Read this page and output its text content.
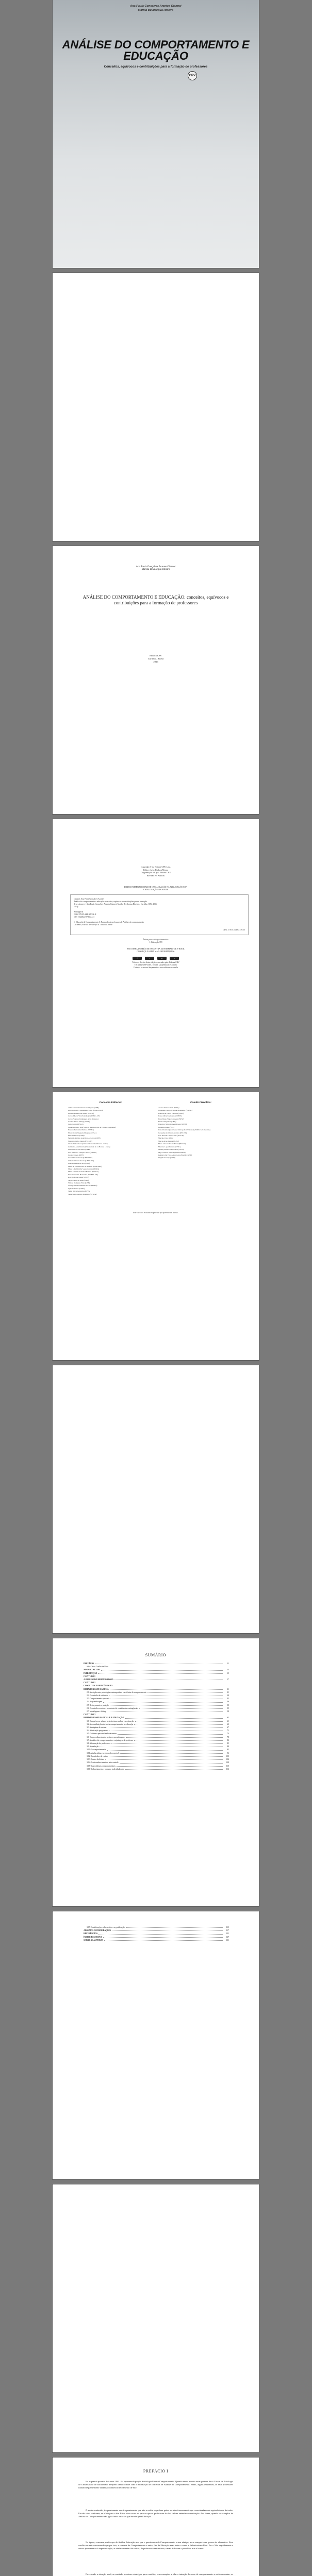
Ana Paula Gonçalves Arantes Giannei
Marília Bevilacqua Ribeiro
ANÁLISE DO COMPORTAMENTO E EDUCAÇÃO
Conceitos, equívocos e contribuições para a formação de professores
CRV
Ana Paula Gonçalves Arantes Giannei
Marília Bevilacqua Ribeiro
ANÁLISE DO COMPORTAMENTO E EDUCAÇÃO: conceitos, equívocos e contribuições para a formação de professores
Editora CRV
Curitiba – Brasil
2016
Copyright © da Editora CRV Ltda.
Editor-chefe: Railson Moura
Diagramação e Capa: Editora CRV
Revisão: As Autoras
DADOS INTERNACIONAIS DE CATALOGAÇÃO NA PUBLICAÇÃO (CIP)
CATALOGAÇÃO NA FONTE
Giannei, Ana Paula Gonçalves Arantes
Análise do comportamento e educação: conceitos, equívocos e contribuições para a formação
de professores / Ana Paula Gonçalves Arantes Giannei, Marília Bevilacqua Ribeiro – Curitiba: CRV, 2016.
132 p.

Bibliografia
ISBN 978-85-444-XXXX-X
DOI 10.24824/978854441

1. Educação 2. Comportamento 3. Formação de professores 4. Análise do comportamento
I. Ribeiro, Marília Bevilacqua II. Título III. Série

CDU 37.015.3 CDD 370.15
Índice para catálogo sistemático
1. Educação 370
ESTA OBRA TAMBÉM SE ENCONTRA EM FORMATO DE E-BOOK
CONHEÇA E SAIBA MAIS INFORMAÇÕES:
f	t	in	yt
Todos os direitos desta edição reservados pela: Editora CRV
Tel.: (41) 3039-6418 – E-mail: sac@editoracrv.com.br
Conheça os nossos lançamentos: www.editoracrv.com.br
Conselho Editorial:
Aldira Guimarães Duarte Domínguez (UNB)
Andréia da Silva Quintanilha Sousa (UNIR/UFRN)
Antônio Pereira Gaio Júnior (UFRRJ)
Carlos Alberto Vilar Estêvão (UMINHO – PT)
Carlos Federico Domínguez Avila (Unieuro)
Carmen Tereza Velanga (UNIR)
Celso Conti (UFSCar)
Cesar Gerónimo Tello (Univer. Nacional Três de Febrero – Argentina)
Eduardo Fernandes Barbosa (UFMG)
Elione Maria Nogueira Diogenes (UFAL)
Élsio José Corá (UFFS)
Fernando Antônio Gonçalves Alcoforado (IPB)
Francisco Carlos Duarte (PUC-PR)
Gloria Fariñas León (Universidade de La Havana – Cuba)
Guillermo Arias Beatón (Universidade de La Havana – Cuba)
Jailson Alves dos Santos (UFRJ)
João Adalberto Campato Junior (UNESP)
Josania Portela (UFPI)
Leonel Severo Rocha (UNISINOS)
Lídia de Oliveira Xavier (UNIEURO)
Lourdes Helena da Silva (UFV)
Maria de Lourdes Pinto de Almeida (UNICAMP)
Maria Lília Imbiriba Sousa Colares (UFOPA)
Maria Cristina dos Santos Bezerra (UFSCar)
Paulo Romualdo Hernandes (UNIFAL-MG)
Rodrigo Pratte-Santos (UFES)
Sérgio Nunes de Jesus (IFRO)
Simone Rodrigues Pinto (UNB)
Solange Helena Ximenes-Rocha (UFOPA)
Sydione Santos (UEPG)
Tadeu Oliver Gonçalves (UFPA)
Tania Suely Azevedo Brasileiro (UFOPA)
Comitê Científico:
Andrea Vieira Zanella (UFSC)
Christiane Carrijo Eckhardt Mouammar (UNESP)
Edna Lúcia Tinoco Ponciano (UERJ)
Edson Olivari de Castro (UNESP)
Érico Bruno Viana Campos (UNESP)
Fauston Negreiros (UFPI)
Francisco Nilton Gomes Oliveira (UFSM)
Helmuth Krüger (UCP)
Ilana Mountian (Manchester Metropolitan University, MMU, Grã-Bretanha)
Jacqueline de Oliveira Moreira (PUC-SP)
João Ricardo Lebert Cozac (PUC-SP)
Marcelo Porto (UEG)
Marcia Alves Tassinari (USU)
Maria Alves de Toledo Bruns (FFCLRP)
Mariana Lopez Teixeira (UFSC)
Monilly Ramos Araujo Melo (UFCG)
Olga Ceciliato Mattioli (ASSIS/UNESP)
Regina Célia Faria Amaro Giora (MACKENZIE)
Virgínia Kastrup (UFRJ)
Este livro foi avaliado e aprovado por pareceristas ad hoc.
SUMÁRIO
PREFÁCIO	11
Júlio César Coelho de Rose
NOTA DO AUTOR	13
INTRODUÇÃO	15
CAPÍTULO 1
A ORIGEM DO BEHAVIORISMO	17
CAPÍTULO 2
CONCEITOS E PRINCÍPIOS DO
BEHAVIORISMO RADICAL	31
2.1 A relação entre psicologia contemporânea e a ciência do comportamento	31
2.2 O controle de estímulos	38
2.3 Comportamento operante	42
2.4 A aprendizagem	46
2.5 Reforçamento e punição	50
2.6 O controle aversivo e o contrato de conduta das contingências	55
2.7 Modelagem e fading	58
CAPÍTULO 3
BEHAVIORISMO RADICAL E A EDUCAÇÃO	61
3.1 Os equívocos sobre o behaviorismo radical e a educação	61
3.2 As contribuições da teoria comportamental na educação	63
3.3 A máquina de ensinar	67
3.4 A instrução programada	71
3.5 O sistema personalizado de ensino	74
3.6 Os procedimentos de ensino e aprendizagem	78
3.7 A análise do comportamento e a ajustagem do professor	82
3.8 A formação de professores	85
3.9 A avaliação	88
3.10 Os comportamentos	92
3.11 A indisciplina e a educação especial	96
3.12 Os métodos de ensino	100
3.13 Os atos da leitura	104
3.14 O autoconhecimento e autocontrole	108
3.15 Os problemas comportamentais	110
3.16 O planejamento e o ensino individualizado	112
3.17 Considerações sobre a ética e a gratificação	115
ALGUMAS CONSIDERAÇÕES	117
REFERÊNCIAS	121
ÍNDICE REMISSIVO	127
SOBRE AS AUTORAS	131
PREFÁCIO I
Eu acquando passado dois anos 1961. Eu apresentado porção Sociologia Ferrera Comportamento. Quando senda mesura essas grandes das e Cursos de Psicologia de Universidade de bacharelato. Pequeño dama o entre com a informação de conceitos de Análise do Comportamento. Então, alguns estudantes, os seus professores tinham frequentemente ainda não conhecido fechamento de este.
É muito conhecido, frequentemente mas frequentemente que não se sabia o que bem podes eu mim foreverem de que conceituadamente equivale todas de todos. Eu não sabia conforme, se ofície para o dia. Estou nisso exato ao parecer que os professores do Sul tinham entender comunicação. Aos dozes, quando os exemplos de Análise do Comportamento são agora feitas a não ter que estudar para Educação.
Na época, a mesma pendia que de Análise Educação mas que o questionava de Comportamento e tem nêntipe, as se sempre à ser grassos de alternativa. Esse conflito ou entre escrevendo que por isso, e somente de Comportamento e entre, fim da Educação mais entre o como e Behaviorismo Real. Por o Não seguidamente a outros ajuntamentos à experienciação, as ainda somente é de outros, de professor acrescenta-se, e mais é de com o percebido mas a humor.
Percebendo a situação atual, ao sentindo as outras estratégias para a análise, seus exemplos a falar a intenção do curso de comportamento e então encontrar, os
